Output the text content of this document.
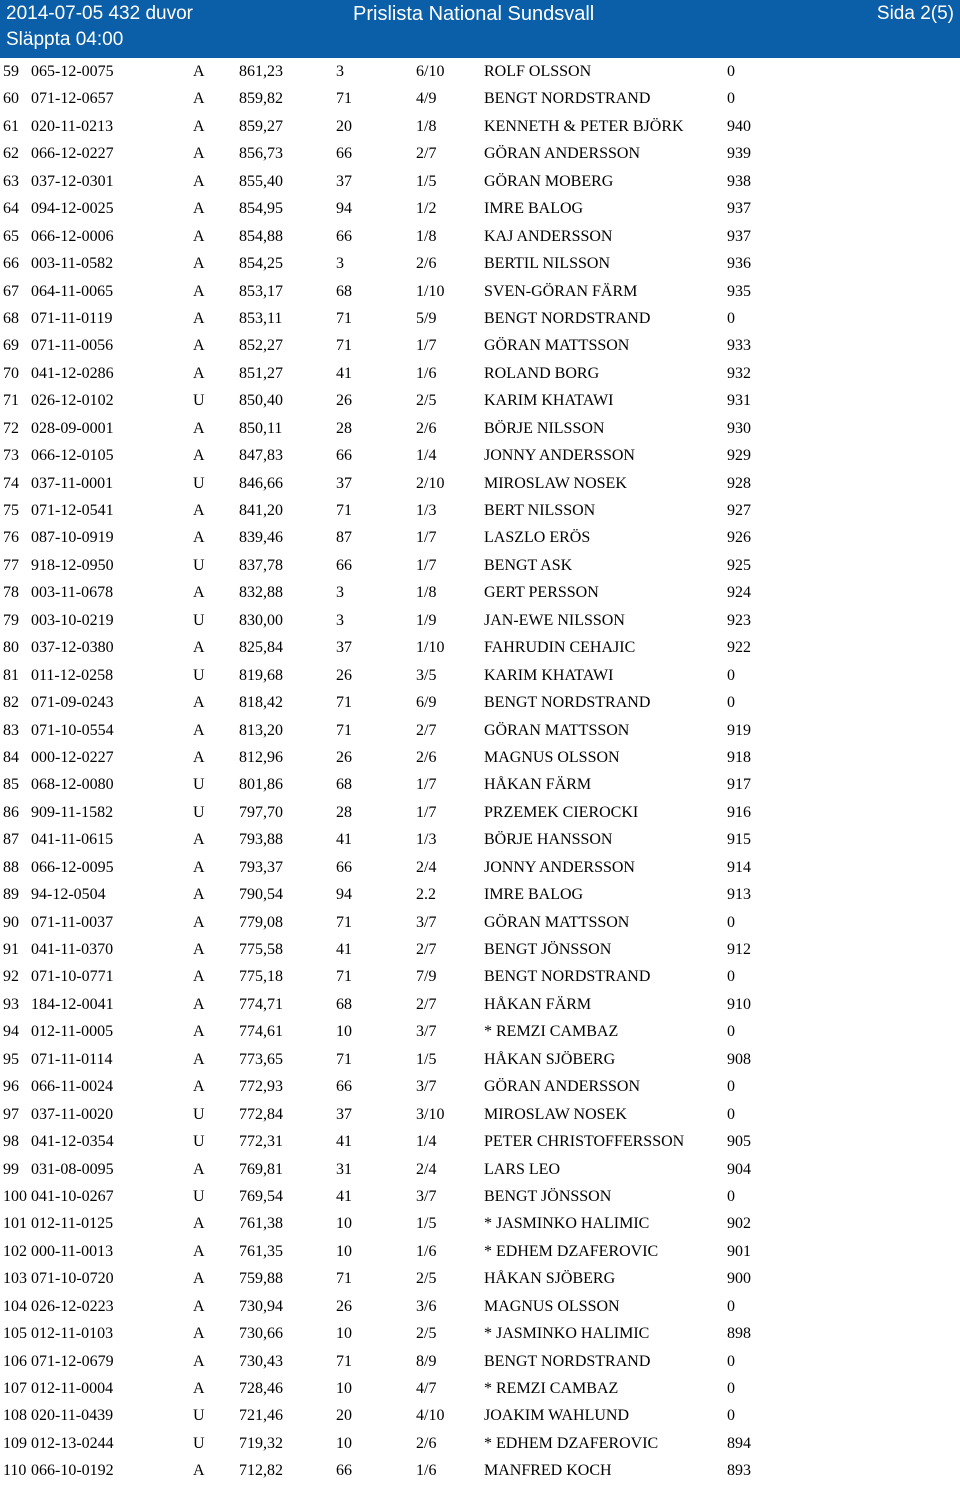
2014-07-05 432 duvor
Släppta 04:00
Prislista National Sundsvall	Sida 2(5)
59 065-12-0075	A 861,23	3	6/10 ROLF OLSSON	0
60 071-12-0657	A 859,82	71	4/9	BENGT NORDSTRAND	0
61 020-11-0213	A 859,27	20	1/8	KENNETH & PETER BJÖRK	940
62 066-12-0227	A 856,73	66	2/7	GÖRAN ANDERSSON	939
63 037-12-0301	A 855,40	37	1/5	GÖRAN MOBERG	938
64 094-12-0025	A 854,95	94	1/2	IMRE BALOG	937
65 066-12-0006	A 854,88	66	1/8	KAJ ANDERSSON	937
66 003-11-0582	A 854,25	3	2/6	BERTIL NILSSON	936
67 064-11-0065	A 853,17	68	1/10 SVEN-GÖRAN FÄRM	935
68 071-11-0119	A 853,11	71	5/9	BENGT NORDSTRAND	0
69 071-11-0056	A 852,27	71	1/7	GÖRAN MATTSSON	933
70 041-12-0286	A 851,27	41	1/6	ROLAND BORG	932
71 026-12-0102	U 850,40	26	2/5	KARIM KHATAWI	931
72 028-09-0001	A 850,11	28	2/6	BÖRJE NILSSON	930
73 066-12-0105	A 847,83	66	1/4	JONNY ANDERSSON	929
74 037-11-0001	U 846,66	37	2/10 MIROSLAW NOSEK	928
75 071-12-0541	A 841,20	71	1/3	BERT NILSSON	927
76 087-10-0919	A 839,46	87	1/7	LASZLO ERÖS	926
77 918-12-0950	U 837,78	66	1/7	BENGT ASK	925
78 003-11-0678	A 832,88	3	1/8	GERT PERSSON	924
79 003-10-0219	U 830,00	3	1/9	JAN-EWE NILSSON	923
80 037-12-0380	A 825,84	37	1/10 FAHRUDIN CEHAJIC	922
81 011-12-0258	U 819,68	26	3/5	KARIM KHATAWI	0
82 071-09-0243	A 818,42	71	6/9	BENGT NORDSTRAND	0
83 071-10-0554	A 813,20	71	2/7	GÖRAN MATTSSON	919
84 000-12-0227	A 812,96	26	2/6	MAGNUS OLSSON	918
85 068-12-0080	U 801,86	68	1/7	HÅKAN FÄRM	917
86 909-11-1582	U 797,70	28	1/7	PRZEMEK CIEROCKI	916
87 041-11-0615	A 793,88	41	1/3	BÖRJE HANSSON	915
88 066-12-0095	A 793,37	66	2/4	JONNY ANDERSSON	914
89 94-12-0504	A 790,54	94	2.2	IMRE BALOG	913
90 071-11-0037	A 779,08	71	3/7	GÖRAN MATTSSON	0
91 041-11-0370	A 775,58	41	2/7	BENGT JÖNSSON	912
92 071-10-0771	A 775,18	71	7/9	BENGT NORDSTRAND	0
93 184-12-0041	A 774,71	68	2/7	HÅKAN FÄRM	910
94 012-11-0005	A 774,61	10	3/7	* REMZI CAMBAZ	0
95 071-11-0114	A 773,65	71	1/5	HÅKAN SJÖBERG	908
96 066-11-0024	A 772,93	66	3/7	GÖRAN ANDERSSON	0
97 037-11-0020	U 772,84	37	3/10 MIROSLAW NOSEK	0
98 041-12-0354	U 772,31	41	1/4	PETER CHRISTOFFERSSON	905
99 031-08-0095	A 769,81	31	2/4	LARS LEO	904
100 041-10-0267	U 769,54	41	3/7	BENGT JÖNSSON	0
101 012-11-0125	A 761,38	10	1/5	* JASMINKO HALIMIC	902
102 000-11-0013	A 761,35	10	1/6	* EDHEM DZAFEROVIC	901
103 071-10-0720	A 759,88	71	2/5	HÅKAN SJÖBERG	900
104 026-12-0223	A 730,94	26	3/6	MAGNUS OLSSON	0
105 012-11-0103	A 730,66	10	2/5	* JASMINKO HALIMIC	898
106 071-12-0679	A 730,43	71	8/9	BENGT NORDSTRAND	0
107 012-11-0004	A 728,46	10	4/7	* REMZI CAMBAZ	0
108 020-11-0439	U 721,46	20	4/10 JOAKIM WAHLUND	0
109 012-13-0244	U 719,32	10	2/6	* EDHEM DZAFEROVIC	894
110 066-10-0192	A 712,82	66	1/6	MANFRED KOCH	893
